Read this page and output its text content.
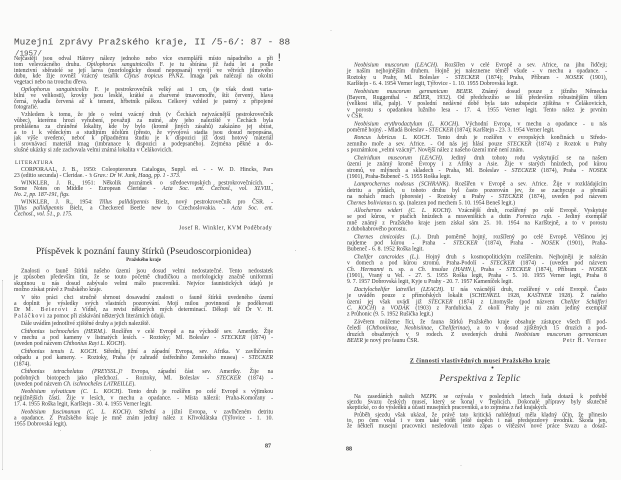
Muzejní zprávy Pražského kraje, II /5-6/: 87 - 88
/1957/	!
Nejčastěji jsou odval Hátovy nálezy jednoho nebo více exemplářů místo nápadného a při
tom velevzácného druhu. Opilophorus sanguinicollis F. je tu sbírána již řadu let a podle
intenzivní sběratelé se její larva (morfologicky dosud nepopsaná) vyvíjí ve větvích jilmového
dubu, kde žije rovněž vzácný tesařík Clytus tropicus PANZ. Imaga pak nalézají na okolní
vegetaci nebo na trouchu dřeva.
Opilophorus sanguinicollis F. je pestrokrovečník velký asi 1 cm, (je však dosti varia-
bilní ve velikosti), krovky jsou lesklé, krátké a zbarvené tmavomodře, štít červený, hlava
černá, tykadla červená až k temeni, hřbetník pálkou. Celkový vzhled je patrný z připojené
fotografie.
Vzhledem k tomu, že jde o velmi vzácný druh (v Čechách nejvzácnější pestrokrovečník
vůbec), kterému hrozí vyhubení, považuji za nutné, aby jeho naleziště v Čechách byla
prohlášena za chráněné lokality, kde by bylo (kromě jiných zásahů) zakázáno jej sbírat,
a to i k vědeckým a studijním účelům (přesto, že vývojová stadia jsou dosud nepopsána,
jak výše uvedeno, neboť k případnému studiu je k dispozici již dosti hotový materiál
i srovnávací materiál imag (imbranace k dispozici a podepsaného). Zejména pěkné a do-
slušné ukázky si zde zachovala velmi známá lokalita v Čelákovicích.
LITERATURA
CORPORAAL, J. B., 1950: Coleopterorum Catalogus, Suppl. ed. - - W. D. Hincks, Pars
23 (editio secunda) - Cleridae. - ’s Grav.: Dr W. Junk, Haag, pp. 1 - 373.
WINKLER, J. R., 1951: Několik poznámek o středoevropských pestrokrovečnících. -
Some Notes on Middle - European Cleridae - Acta Soc. ent. Čechosl., vol. XLVIII.,
No. 2, pp. 187-191, figs.
WINKLER, J. R., 1954: Tillus pallidipennis Bielz, nový pestrokrovečník pro ČSR. -
Tillus pallidipennis Bielz, a Checkered Beetle new to Czechoslovakia. - Acta Soc. ent.
Čechosl., vol. 51., p. 175.
Josef R. Winkler, KVM Poděbrady
Příspěvek k poznání fauny štírků (Pseudoscorpionidea)
Pražského kraje
Znalosti o fauně štírků našeho území jsou dosud velmi nedostatečné. Tento nedostatek
je způsoben především tím, že se touto početně chudičkou a morfologicky značně uniformní
skupinou u nás dosud zabývalo velmi málo pracovníků. Nejvíce faunistických údajů je
možno získat právě z Pražského kraje.
V této práci chci stručně shrnout dosavadní znalosti o fauně štírků uvedeného území
a doplnit je výsledky svých vlastních pozorování. Mojí milou povinností je poděkovati
Dr M. Beierovi z Vídně, za revisi některých mých determinací. Děkuji též Dr V. H.
Paláčkovi za pomoc při získávání některých literárních údajů.
Dále uvádím jednotlivé zjištěné druhy a jejich naleziště.
Chthonius ischnocheles (HERM.). Rozšířen v celé Evropě a na východě sev. Ameriky. Žije
v mechu a pod kameny v listnatých lesích. - Roztoky; Ml. Boleslav - STECKER (1874) -
(uveden pod názvem Chthonius Rayi L. KOCH).
Chthonius tenuis L. KOCH. Střední, jižní a západní Evropa, sev. Afrika. V zavlhčeném
odpadu a pod kameny. - Roztoky, Praha (v zahradě ústředního Zemského musea) - STECKER
(1874).
Chthonius tetrachelatus (PREYSSL.)? Evropa, západní část sev. Ameriky. Žije na
podobných biotopech jako předchozí. - Roztoky, Ml. Boleslav - STECKER (1874) -
(uveden pod názvem Ch. ischnocheles LATREILLE).
Neobisium sylvaticum (C. L. KOCH). Tento druh je rozšířen po celé Evropě s výjimkou
nejjižnějších částí. Žije v lesích, v mechu a opadance. - Místa nálezů: Praha-Komořany -
17. 4. 1955 Roška legit, Karlštejn - 30. 4. 1955 Verner legit.
Neobisium fuscimanum (C. L. KOCH). Střední a jižní Evropa, v zavlhčeném detritu
a opadance. Z Pražského kraje je mně znám jediný nález z Křivoklátska (Týřovice - 1. 10.
1955 Dobrovská legit).
87
Neobisium muscorum (LEACH). Rozšířen v celé Evropě a sev. Africe, na jihu řidčeji;
je naším nejhojnějším druhem. Hojně jej nalezneme téměř všude - v mechu a opadance. -
Roztoky u Prahy, Ml. Boleslav - STECKER (1874); Praha, Příbram - NOSEK (1901),
Karlštejn - 6. 4. 1954 Verner legit, Týřovice - 1. 10. 1955 Dobrovská legit.
Neobisium muscorum germanicum BEIER. Známý dosud pouze z jižního Německa
(Bayern, Ruggenthal - BEIER, 1932). Od předchozího se liší především robustnějším tělem
(velikost těla, palp). V poslední nedávné době byla tato subspecie zjištěna v Čelákovicích,
v porostu s opadankou lužního lesa - 17. 4. 1955 Verner legit. Tento nález je prvním
v ČSR.
Neobisium erythrodactylum (L. KOCH). Východní Evropa, v mechu a opadance - u nás
poměrně hojný. - Mladá Boleslav - STECKER (1874); Karlštejn - 23. 3. 1954 Verner legit.
Roncus lubricus L. KOCH. Tento druh je rozšířen v evropských končinách u Středo-
zemního moře a sev. Africe. - Od nás jej hlásí pouze STECKER (1874) z Roztok u Prahy
s poznámkou „velmi vzácný“. Novější nález z našeho území mně není znám.
Cheiridium museorum (LEACH). Jediný druh tohoto rodu vyskytující se na našem
území je známý kromě Evropy i z Afriky a Asie. Žije v starých hnízdech, pod kůrou
stromů, ve mlýnech a skladech - Praha, Ml. Boleslav - STECKER (1874), Praha - NOSEK
(1901), Praha-Bubeneč - 5. 1955 Roška legit.
Lamprochernes nodosus (SCHRANK). Rozšířen v Evropě a sev. Africe. Žije v rozkládajícím
detritu a půdách, u tohoto druhu byl často pozorován jev, že se zachycuje a přenáší
na nohách much (phoresie) - Roztoky u Prahy - STECKER (1874), uveden pod názvem
Chernes bolivianus n. sp. (nalezen pod mechem 5. 10. 1954 Beneš legit.)
Allochernes wideri (C. L. KOCH). Vzácnější druh, rozšířený po celé Evropě. Vyskytuje
se pod kůrou, v ptačích hnízdech a mraveništích a dutin Formica rufa. - Jediný exemplář
mně známý z Pražského kraje jsem získal sám 25. 10. 1954 na Karlštejně, a to v porostu
z dubohabrového porostu.
Chernes cimicoides (L.). Druh poměrně hojný, rozšířený po celé Evropě. Většinou jej
najdeme pod kůrou - Praha - STECKER (1874), Praha - NOSEK (1901), Praha-
Bubeneč - 6. 8. 1952 Roška legit.
Chelifer cancroides (L.). Hojný druh s kosmopolitickým rozšířením. Nejhojněji je nalézán
v domech a pod kůrou stromů. Praha-Podolí - STECKER (1874) - (uveden pod názvem
Ch. Hermanni n. sp. a Ch. insulae (HAHN.), Praha - STECKER (1874), Příbram - NOSEK
(1901), Vraný u Vel. - 27. 5. 1955 Roška legit, Praha - 5. 10. 1955 Verner legit, Praha 8
9. 7. 1957 Dobrovská legit, Kyje u Prahy - 20. 7. 1957 Kameníček legit.
Dactylochelifer latreillei (LEACH). U nás vzácnější druh, rozšířený v celé Evropě. Často
je uváděn pouze z přímořských lokalit (SCHENKEL 1928, KASTNER 1928). Z našeho
území jej však uvádí již STECKER (1874) z Litomyšle (pod názvem Chelifer Schäfferi
C. KOCH) a VODÁK (1903) z Pardubicka. Z okolí Prahy je mi znám jediný exemplář
z Průhonic (9. 5. 1952 Rušička legit.)
Závěrem můžeme říci, že fauna štírků Pražského kraje obsahuje zástupce všech tří pod-
čeledí (Chthoniinae, Neobisiinae, Cheliferinae), a to v dosud zjištěných 15 druzích a pod-
druzích obsažených v 9 rodech. Z uvedených druhů Neobisium muscorum germanicum
Petr H. Verner
BEIER je nový pro faunu ČSR.
Z činnosti vlastivědných museí Pražského kraje
Perspektiva z Teplic
Na zasedáních našich MZPK se ozývala v posledních letech řada dotazů k potřebě
sjezdu Svazu českých museí, který se konal v Teplicích. Dokonalé přípravy byly skutečně
skeptické, co do výsledků a účasti musejních pracovníků, a to zejména z řad krajských.
Průběh sjezdu však ukázal, že právě tato kritická nahlédnutí měla kladný účin, že přineslo
to, po čem volal i v tom také vidět ještě úspěch i náš předsjezdový úvodník. Škoda jen,
že někteří musejní pracovníci nesledovali tento zápas o vítězství nové práce Svazu a dosaž-
88
